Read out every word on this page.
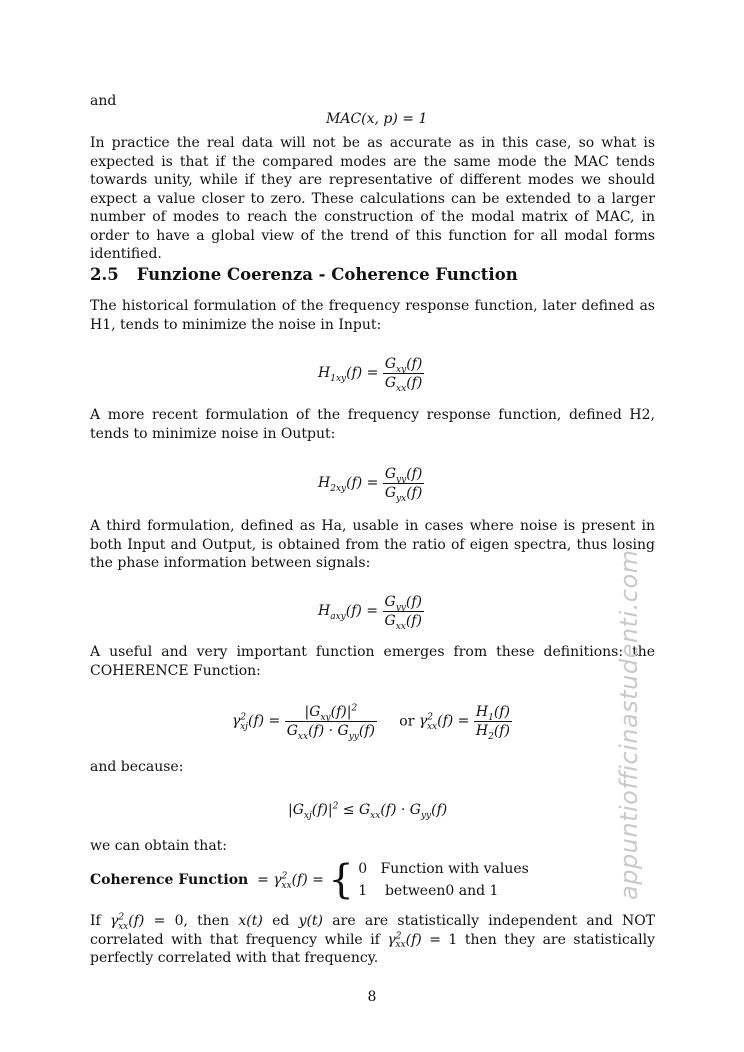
and
MAC(x, p) = 1
In practice the real data will not be as accurate as in this case, so what is expected is that if the compared modes are the same mode the MAC tends towards unity, while if they are representative of different modes we should expect a value closer to zero. These calculations can be extended to a larger number of modes to reach the construction of the modal matrix of MAC, in order to have a global view of the trend of this function for all modal forms identified.
2.5 Funzione Coerenza - Coherence Function
The historical formulation of the frequency response function, later defined as H1, tends to minimize the noise in Input:
$H_{1xy}(f) = \frac{G_{xy}(f)}{G_{xx}(f)}$
A more recent formulation of the frequency response function, defined H2, tends to minimize noise in Output:
$H_{2xy}(f) = \frac{G_{yy}(f)}{G_{yx}(f)}$
A third formulation, defined as Ha, usable in cases where noise is present in both Input and Output, is obtained from the ratio of eigen spectra, thus losing the phase information between signals:
$H_{axy}(f) = \frac{G_{yy}(f)}{G_{xx}(f)}$
A useful and very important function emerges from these definitions: the COHERENCE Function:
$\gamma^2_{xj}(f) = \frac{|G_{xy}(f)|^2}{G_{xx}(f) \cdot G_{yy}(f)}$ or $\gamma^2_{xx}(f) = \frac{H_1(f)}{H_2(f)}$
and because:
$|G_{xj}(f)|^2 \le G_{xx}(f) \cdot G_{yy}(f)$
we can obtain that:
Coherence Function  = $\gamma^2_{xx}(f)$ = { 0 Function with values
1 between0 and 1
If $\gamma^2_{xx}(f) = 0$, then x(t) ed y(t) are are statistically independent and NOT correlated with that frequency while if $\gamma^2_{xx}(f) = 1$ then they are statistically perfectly correlated with that frequency.
8
appuntiofficinastudenti.com
